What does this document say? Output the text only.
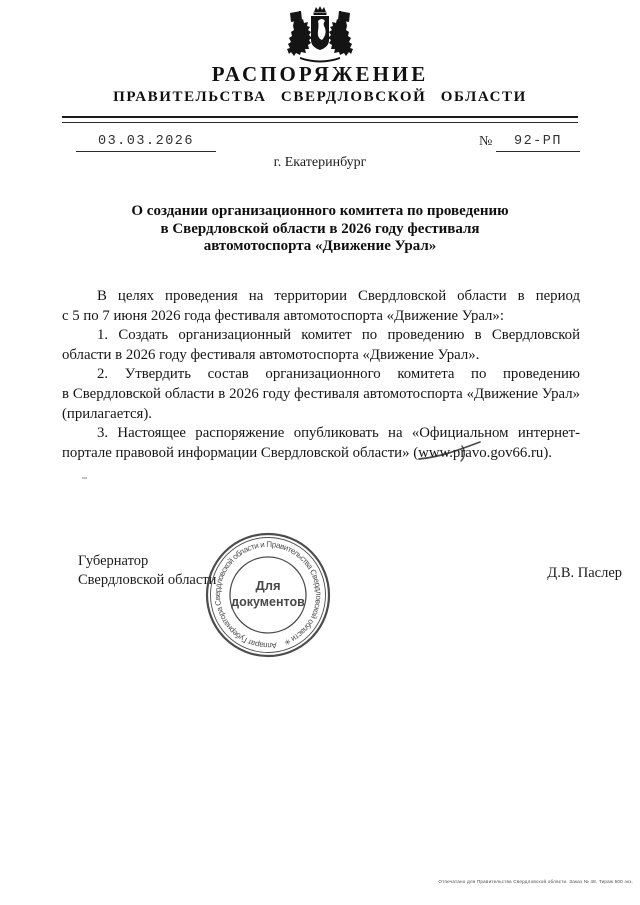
РАСПОРЯЖЕНИЕ
ПРАВИТЕЛЬСТВА СВЕРДЛОВСКОЙ ОБЛАСТИ
03.03.2026	№	92-РП
г. Екатеринбург
О создании организационного комитета по проведению
в Свердловской области в 2026 году фестиваля
автомотоспорта «Движение Урал»
В целях проведения на территории Свердловской области в период
с 5 по 7 июня 2026 года фестиваля автомотоспорта «Движение Урал»:
1. Создать организационный комитет по проведению в Свердловской
области в 2026 году фестиваля автомотоспорта «Движение Урал».
2. Утвердить состав организационного комитета по проведению
в Свердловской области в 2026 году фестиваля автомотоспорта «Движение Урал»
(прилагается).
3. Настоящее распоряжение опубликовать на «Официальном интернет-
портале правовой информации Свердловской области» (www.pravo.gov66.ru).
Губернатор
Свердловской области	Д.В. Паслер
Аппарат Губернатора Свердловской области и Правительства Свердловской области ✳
Для
документов
Отпечатано для Правительства Свердловской области. Заказ № 48. Тираж 500 экз.
